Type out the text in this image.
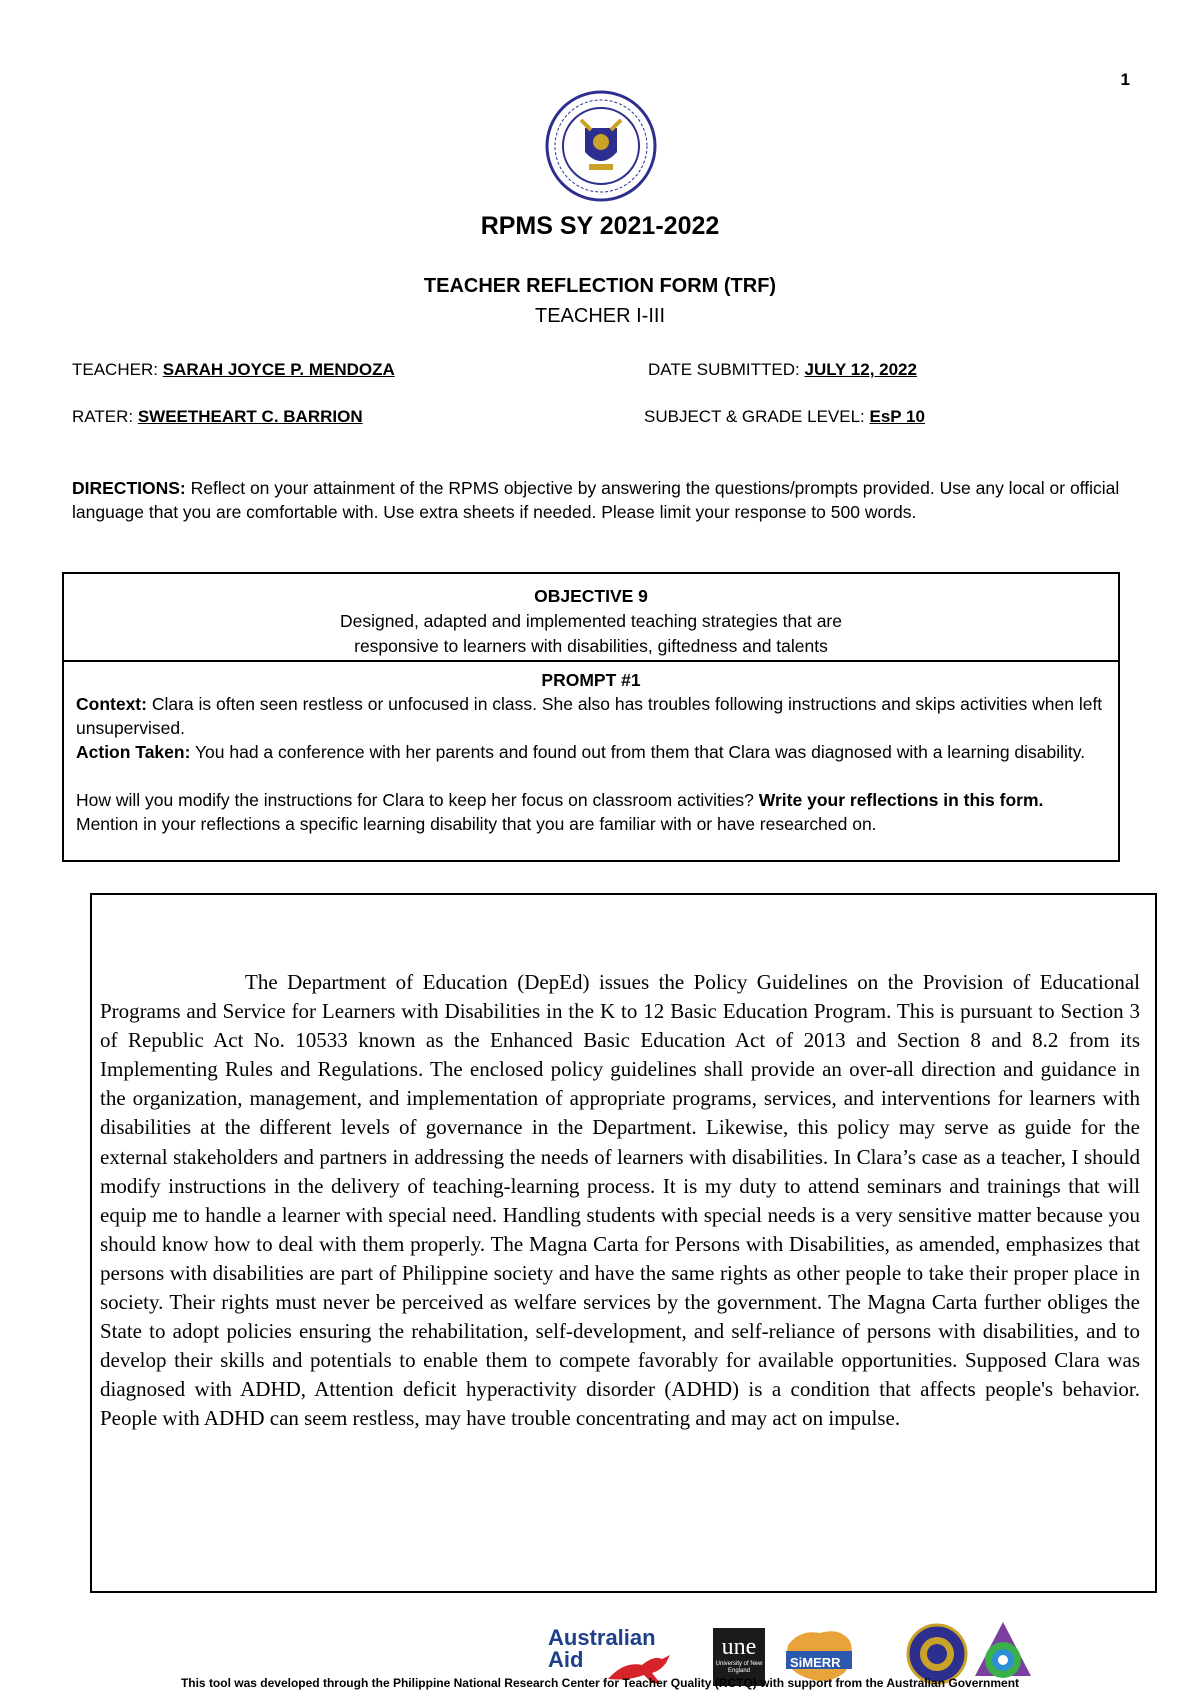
1
RPMS SY 2021-2022
TEACHER REFLECTION FORM (TRF)
TEACHER I-III
TEACHER: SARAH JOYCE P. MENDOZA	DATE SUBMITTED: JULY 12, 2022
RATER: SWEETHEART C. BARRION	SUBJECT & GRADE LEVEL: EsP 10
DIRECTIONS: Reflect on your attainment of the RPMS objective by answering the questions/prompts provided. Use any local or official language that you are comfortable with. Use extra sheets if needed. Please limit your response to 500 words.
OBJECTIVE 9
Designed, adapted and implemented teaching strategies that are
responsive to learners with disabilities, giftedness and talents
PROMPT #1
Context: Clara is often seen restless or unfocused in class. She also has troubles following instructions and skips activities when left unsupervised.
Action Taken: You had a conference with her parents and found out from them that Clara was diagnosed with a learning disability.
How will you modify the instructions for Clara to keep her focus on classroom activities? Write your reflections in this form. Mention in your reflections a specific learning disability that you are familiar with or have researched on.
The Department of Education (DepEd) issues the Policy Guidelines on the Provision of Educational Programs and Service for Learners with Disabilities in the K to 12 Basic Education Program. This is pursuant to Section 3 of Republic Act No. 10533 known as the Enhanced Basic Education Act of 2013 and Section 8 and 8.2 from its Implementing Rules and Regulations. The enclosed policy guidelines shall provide an over-all direction and guidance in the organization, management, and implementation of appropriate programs, services, and interventions for learners with disabilities at the different levels of governance in the Department. Likewise, this policy may serve as guide for the external stakeholders and partners in addressing the needs of learners with disabilities. In Clara’s case as a teacher, I should modify instructions in the delivery of teaching-learning process. It is my duty to attend seminars and trainings that will equip me to handle a learner with special need. Handling students with special needs is a very sensitive matter because you should know how to deal with them properly. The Magna Carta for Persons with Disabilities, as amended, emphasizes that persons with disabilities are part of Philippine society and have the same rights as other people to take their proper place in society. Their rights must never be perceived as welfare services by the government. The Magna Carta further obliges the State to adopt policies ensuring the rehabilitation, self-development, and self-reliance of persons with disabilities, and to develop their skills and potentials to enable them to compete favorably for available opportunities. Supposed Clara was diagnosed with ADHD, Attention deficit hyperactivity disorder (ADHD) is a condition that affects people's behavior. People with ADHD can seem restless, may have trouble concentrating and may act on impulse.
Australian
Aid	une
University of New England
SiMERR
This tool was developed through the Philippine National Research Center for Teacher Quality (RCTQ) with support from the Australian Government
